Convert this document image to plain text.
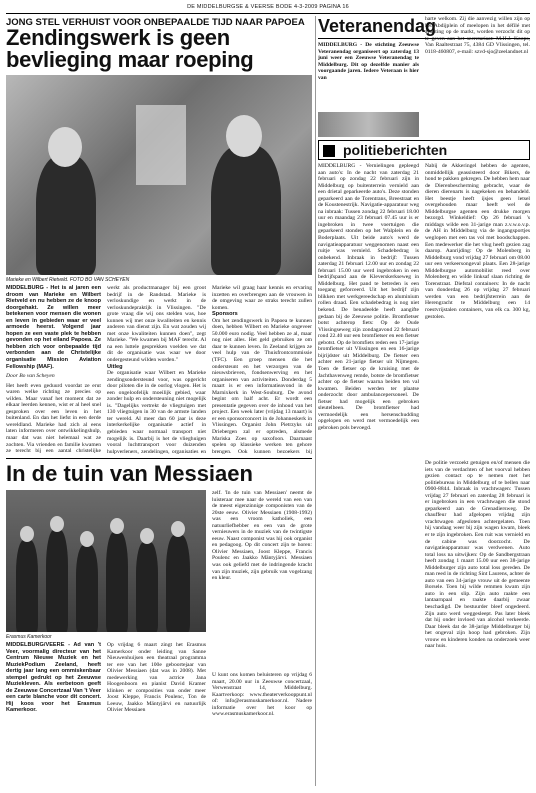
DE MIDDELBURGSE & VEERSE BODE 4-3-2009 PAGINA 16
JONG STEL VERHUIST VOOR ONBEPAALDE TIJD NAAR PAPOEA
Zendingswerk is geen bevlieging maar roeping
Marieke en Wilbert Rietveld. FOTO BO VAN SCHEYEN

MIDDELBURG - Het is al jaren een droom van Marieke en Wilbert Rietveld en nu hebben ze de knoop doorgehakt. Ze willen meer betekenen voor mensen die wonen en leven in gebieden waar er veel armoede heerst. Volgend jaar hopen ze een vaste plek te hebben gevonden op het eiland Papoea. Ze hebben zich voor onbepaalde tijd verbonden aan de Christelijke organisatie Mission Aviation Fellowship (MAF).

Door Bo van Scheyen

Het heeft even geduurd voordat ze erut waren welke richting ze precies op wilden. Maar vanaf het moment dat ze elkaar leerden kennen, wist er al heel snel gesproken over een leven in het buitenland. En dan het liefst in een derde wereldland. Marieke had zich al eens laten informeren over ontwikkelingshulp, maar dat was niet helemaal wat ze zochten. Via vrienden en familie kwamen ze terecht bij een aantal christelijke

werkt als productmanager bij een groot bedrijf in de Randstad. Marieke is verloskundige en werkt in de verloskundepraktijk in Vlissingen. "De grote vraag die wij ons stelden was, hoe kunnen wij met onze kwaliteiten en kennis anderen van dienst zijn. En wat zouden wij met onze kwaliteiten kunnen doen", zegt Marieke. "We kwamen bij MAF terecht. Al na een luttele gesprekken voelden we dat dit de organisatie was waar we door ondergesteund wilden worden."

Uitleg

De organisatie waar Wilbert en Marieke zendingsondersteund voor, was opgericht door piloten die in de oorlog vlogen. Het is een ongeloofelijk moeilijk gebied, waar zonder hulp en ondersteuning niet mogelijk is. "Dagelijks vertrekt de vliegtuigen met 130 vliegtuigen in 30 van de armste landen ter wereld. Al meer dan 60 jaar is deze interkerkelijke organisatie actief in gebieden waar normaal transport niet mogelijk is. Daarbij is het de vlieghuigen vooral luchttransport voor duizenden hulpverleners, zendelingen, organisaties en

Marieke wil graag haar kennis en ervaring inzetten en overbrengen aan de vrouwen in de omgeving waar ze straks terecht zullen komen.

Sponsors

Om het zendingswerk in Papoea te kunnen doen, hebben Wilbert en Marieke ongeveer 50.000 euro nodig. Veel hebben ze al, maar nog niet alles. Het geld gebruiken ze om daar te kunnen leven. In Zeeland krijgen ze veel hulp van de Thuisfrontcommissie (TFC). Een groep mensen die het ondersteunt en het verzorgen van de nieuwsbrieven, fondsenwerving en het organiseren van activiteiten. Donderdag 5 maart is er een informatieavond in de Marnixkerk in West-Souburg. De avond begint om half acht. Er wordt een presentatie gegeven over de inhoud van het project. Een week later (vrijdag 13 maart) is er een sponsorconcert in de Johanneskerk in Vlissingen. Organist John Pietrzyks uit Driebergen zal er optreden, alsmede Mariska Zoes op saxofoon. Daarnaast spelen op klassieke werken ten gehore brengen. Ook kunnen bezoekers bij

Veteranendag

MIDDELBURG - De stichting Zeeuwse Veteranendag organiseert op zaterdag 13 juni weer een Zeeuwse Veteranendag te Middelburg. Dit op dezelfde manier als voorgaande jaren. Iedere Veteraan is hier van

harte welkom. Zij die aanvezig willen zijn op het Abdijplein of meelopen in het défilé met aftuiting op de markt, worden verzocht dit op te geven aan het secretariaat: M.H.J. Koops, Van Raaltestraat 75, 4384 GD Vlissingen, tel. 0118-460807, e-mail: szvd-sjo@zeelandnet.nl

politieberichten

MIDDELBURG - Vernielingen gepleegd aan auto's: In de nacht van zaterdag 21 februari op zondag 22 februari zijn in Middelburg op buitenterrein vernield aan een drietal geparkeerde auto's. Deze stonden geparkeerd aan de Torentrans, Breestraat en de Koustenestrijk. Navigatie-apparatuur weg na inbraak: Tussen zondag 22 februari 18.00 uur en maandag 23 februari 07.45 uur is er ingebroken in twee voertuigen die geparkeerd stonden op het Walplein en de Boderplaats. Uit beide auto's werd de navigatieapparatuur weggenomen naast een ruitje was vernield. Schadebedrag is onbekend. Inbraak in bedrijf: Tussen zaterdag 21 februari 12.00 uur en zondag 22 februari 15.00 uur werd ingebroken in een bedrijfspand aan de Kleverskerkseweg in Middelburg. Het pand te betreden is een toegang geforceerd. Uit het bedrijf zijn blikken met werkgereedschap en aluminium rollen draad. Een schadebedrag is nog niet bekend. De benadeelde heeft aangifte gedaan bij de Zeeuwse politie. Bromfietser botst achterop fiets: Op de Oude Vlissingseweg zijn zondagavond 22 februari rond 22.40 uur een bromfietser en een fietser gebotst. Op de bromfiets reden een 17-jarige bromfietser uit Vlissingen en een 16-jarige bijrijdster uit Middelburg. De fietser een achter een 21-jarige fietser uit Nijmegen. Toen de fietser op de kruising met de Jachthavenweg remde, botste de bromfietser achter op de fietser waarna beiden ten val kwamen. Beiden werden ter plaatse onderzocht door ambulancepersoneel. De fietser had mogelijk een gebroken sleutelbeen. De bromfietser had vermoedelijk een hersenschudding opgelopen en werd met vermoedelijk een gebroken pols bevoegd.

Nabij de Akkeringel hebben de agenten, onmiddellijk geassisteerd door Bikers, de hond te pakken gekregen. De hebben hem naar de Dierenbescherming gebracht, waar de dieren dierenarts is nagekeken en behandeld. Het beestje heeft ijsjes geen letsel overgehouden maar heeft wel de Middelburgse agenten een drukke morgen bezorgd. Winkeldief: Op 26 februari 's middags wilde een 31-jarige man z.v.w.o.v.p. de AH in Middelburg via de ingangsportjes weglopen met een tas vol met boodschappen. Een medewerker die het vlug heeft gezien zag daarop. Aanrijding: Op de Molenberg in Middelburg vond vrijdag 27 februari om 08.00 uur een verkeersongeval plaats. Een 28-jarige Middelburgse automobilist reed over Molenberg en wilde linksaf slaan richting de Torenstraat. Diefstal containers: In de nacht van donderdag 26 op vrijdag 27 februari werden van een bedrijfsterrein aan de Herengracht te Middelburg een 14 roestvrijstalen containers, van elk ca. 300 kg, gestolen.

De politie verzoekt getuigen en/of mensen die iets van de verdachten of het voorval hebben gezien contact op te nemen met het politiebureau in Middelburg of te bellen naar 0900-8844. Inbraak in vrachtwagen: Tussen vrijdag 27 februari en zaterdag 28 februari is er ingebroken in een vrachtwagen die stond geparkeerd aan de Grenadiersweg. De chauffeur had afgelopen vrijdag zijn vrachtwagen afgesloten achtergelaten. Toen hij vandaag weer bij zijn wagen kwam, bleek er te zijn ingebroken. Een ruit was vernield en de cabine was doorzocht. De navigatieapparatuur was verdwenen. Auto total loss na uitwijken: Op de Sandbergstraan heeft zondag 1 maart 15.00 uur een 38-jarige Middelburger zijn auto total loss gereden. De man reed in de richting Sint Laurens, achter de auto van een 34-jarige vrouw uit de gemeente Borsele. Toen hij wilde remmen kwam zijn auto in een slip. Zijn auto raakte een lantaarnpaal en raakte daarbij zwaar beschadigd. De bestuurder bleef ongedeerd. Zijn auto werd weggesleept. Pas later bleek dat hij onder invloed van alcohol verkeerde. Daar bleek dat de 38-jarige Middelburger bij het ongeval zijn hoop had gebroken. Zijn vrouw en kinderen konden na onderzoek weer naar huis.

In de tuin van Messiaen
Erasmus Kamerkoor

MIDDELBURG/VEERE - Ad van 't Veer, voormalig directeur van het Centrum Nieuwe Muziek en het MuziekPodium Zeeland, heeft dertig jaar lang een ommiskenbaar stempel gedrukt op het Zeeuwse Muziekleven. Als eerbetoon geeft de Zeeuwse Concertzaal Van 't Veer een carte blanche voor dit concert. Hij koos voor het Erasmus Kamerkoor.

Op vrijdag 6 maart zingt het Erasmus Kamerkoor onder leiding van Sanne Nieuwenhuijsen een theatraal programma ter ere van het 100e geboortejaar van Olivier Messiaen (dat was in 2008). Met medewerking van actrice Jana Hoogenboom en pianist David Kramer klinken er composities van onder meer Joost Kleppe, Francis Poulenc, Ton de Leeuw, Jaakko Mäntyjärvi en natuurlijk Olivier Messiaen

zelf. 'In de tuin van Messiaen' neemt de luisteraar mee naar de wereld van een van de meest eigenzinnige componisten van de 20ste eeuw. Olivier Messiaen (1908-1992) was een vroom katholiek, een natuurliefhebber en een van de grote vernieuwers in de muziek van de twintigste eeuw. Naast componist was hij ook organist en pedagoog. Op dit concert zijn te horen: Olivier Messiaen, Joost Kleppe, Francis Poulenc en Jaakko Mäntyjärvi. Messiaen was ook geliefd met de indringende kracht van zijn muziek, zijn gebruik van vogelzang en kleur.

U kunt ons komen beluisteren op vrijdag 6 maart, 20.00 uur in Zeeuwse concertzaal, Verwenstraat 14, Middelburg. Kaartverkoop: www.theaterverkooppunt.nl of: info@erasmuskamerkoor.nl. Nadere informatie over het koor op www.erasmuskamerkoor.nl.
